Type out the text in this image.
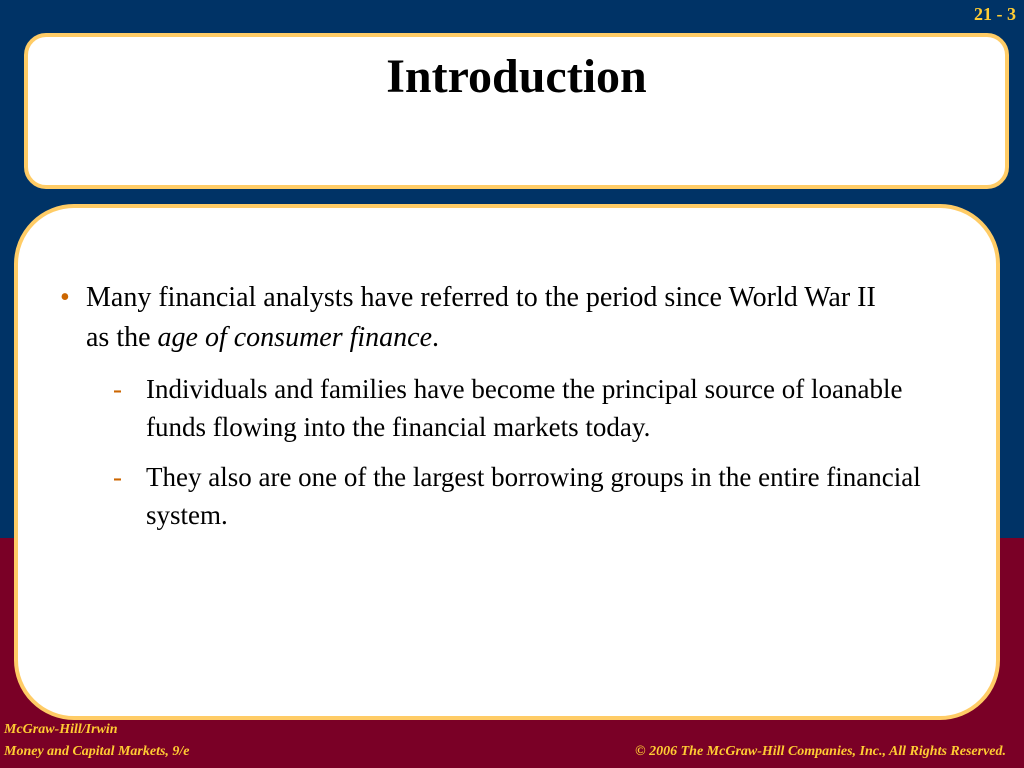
21 - 3
Introduction
• Many financial analysts have referred to the period since World War II as the age of consumer finance.
- Individuals and families have become the principal source of loanable funds flowing into the financial markets today.
- They also are one of the largest borrowing groups in the entire financial system.
McGraw-Hill/Irwin
Money and Capital Markets, 9/e	© 2006 The McGraw-Hill Companies, Inc., All Rights Reserved.
